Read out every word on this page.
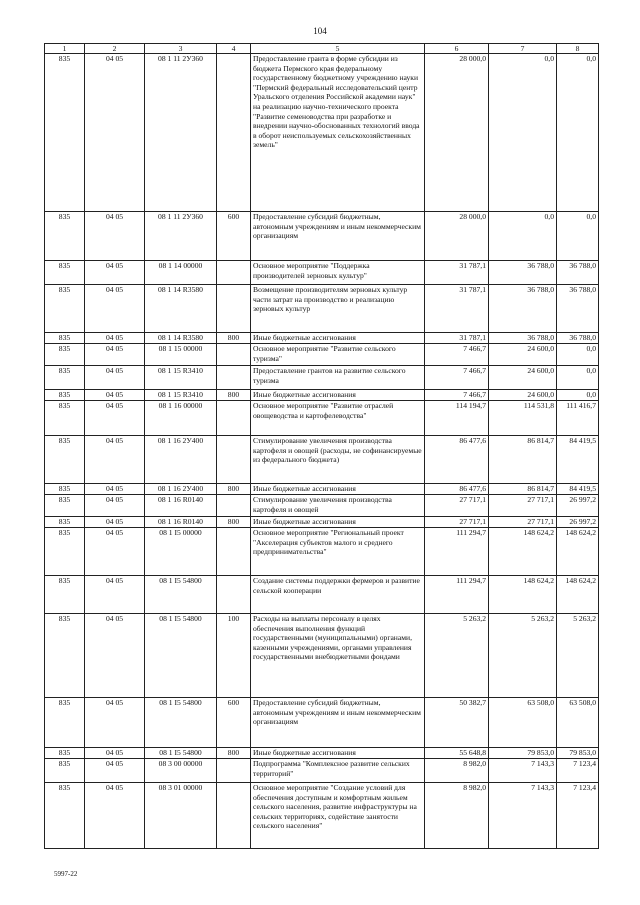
104
1	2	3	4	5	6	7	8
835	04 05	08 1 11 2У360		Предоставление гранта в форме субсидии из бюджета Пермского края федеральному государственному бюджетному учреждению науки "Пермский федеральный исследовательский центр Уральского отделения Российской академии наук" на реализацию научно-технического проекта "Развитие семеноводства при разработке и внедрении научно-обоснованных технологий ввода в оборот неиспользуемых сельскохозяйственных земель"	28 000,0	0,0	0,0
835	04 05	08 1 11 2У360	600	Предоставление субсидий бюджетным, автономным учреждениям и иным некоммерческим организациям	28 000,0	0,0	0,0
835	04 05	08 1 14 00000		Основное мероприятие "Поддержка производителей зерновых культур"	31 787,1	36 788,0	36 788,0
835	04 05	08 1 14 R3580		Возмещение производителям зерновых культур части затрат на производство и реализацию зерновых культур	31 787,1	36 788,0	36 788,0
835	04 05	08 1 14 R3580	800	Иные бюджетные ассигнования	31 787,1	36 788,0	36 788,0
835	04 05	08 1 15 00000		Основное мероприятие "Развитие сельского туризма"	7 466,7	24 600,0	0,0
835	04 05	08 1 15 R3410		Предоставление грантов на развитие сельского туризма	7 466,7	24 600,0	0,0
835	04 05	08 1 15 R3410	800	Иные бюджетные ассигнования	7 466,7	24 600,0	0,0
835	04 05	08 1 16 00000		Основное мероприятие "Развитие отраслей овощеводства и картофелеводства"	114 194,7	114 531,8	111 416,7
835	04 05	08 1 16 2У400		Стимулирование увеличения производства картофеля и овощей (расходы, не софинансируемые из федерального бюджета)	86 477,6	86 814,7	84 419,5
835	04 05	08 1 16 2У400	800	Иные бюджетные ассигнования	86 477,6	86 814,7	84 419,5
835	04 05	08 1 16 R0140		Стимулирование увеличения производства картофеля и овощей	27 717,1	27 717,1	26 997,2
835	04 05	08 1 16 R0140	800	Иные бюджетные ассигнования	27 717,1	27 717,1	26 997,2
835	04 05	08 1 I5 00000		Основное мероприятие "Региональный проект "Акселерация субъектов малого и среднего предпринимательства"	111 294,7	148 624,2	148 624,2
835	04 05	08 1 I5 54800		Создание системы поддержки фермеров и развитие сельской кооперации	111 294,7	148 624,2	148 624,2
835	04 05	08 1 I5 54800	100	Расходы на выплаты персоналу в целях обеспечения выполнения функций государственными (муниципальными) органами, казенными учреждениями, органами управления государственными внебюджетными фондами	5 263,2	5 263,2	5 263,2
835	04 05	08 1 I5 54800	600	Предоставление субсидий бюджетным, автономным учреждениям и иным некоммерческим организациям	50 382,7	63 508,0	63 508,0
835	04 05	08 1 I5 54800	800	Иные бюджетные ассигнования	55 648,8	79 853,0	79 853,0
835	04 05	08 3 00 00000		Подпрограмма "Комплексное развитие сельских территорий"	8 982,0	7 143,3	7 123,4
835	04 05	08 3 01 00000		Основное мероприятие "Создание условий для обеспечения доступным и комфортным жильем сельского населения, развитие инфраструктуры на сельских территориях, содействие занятости сельского населения"	8 982,0	7 143,3	7 123,4
5997-22
